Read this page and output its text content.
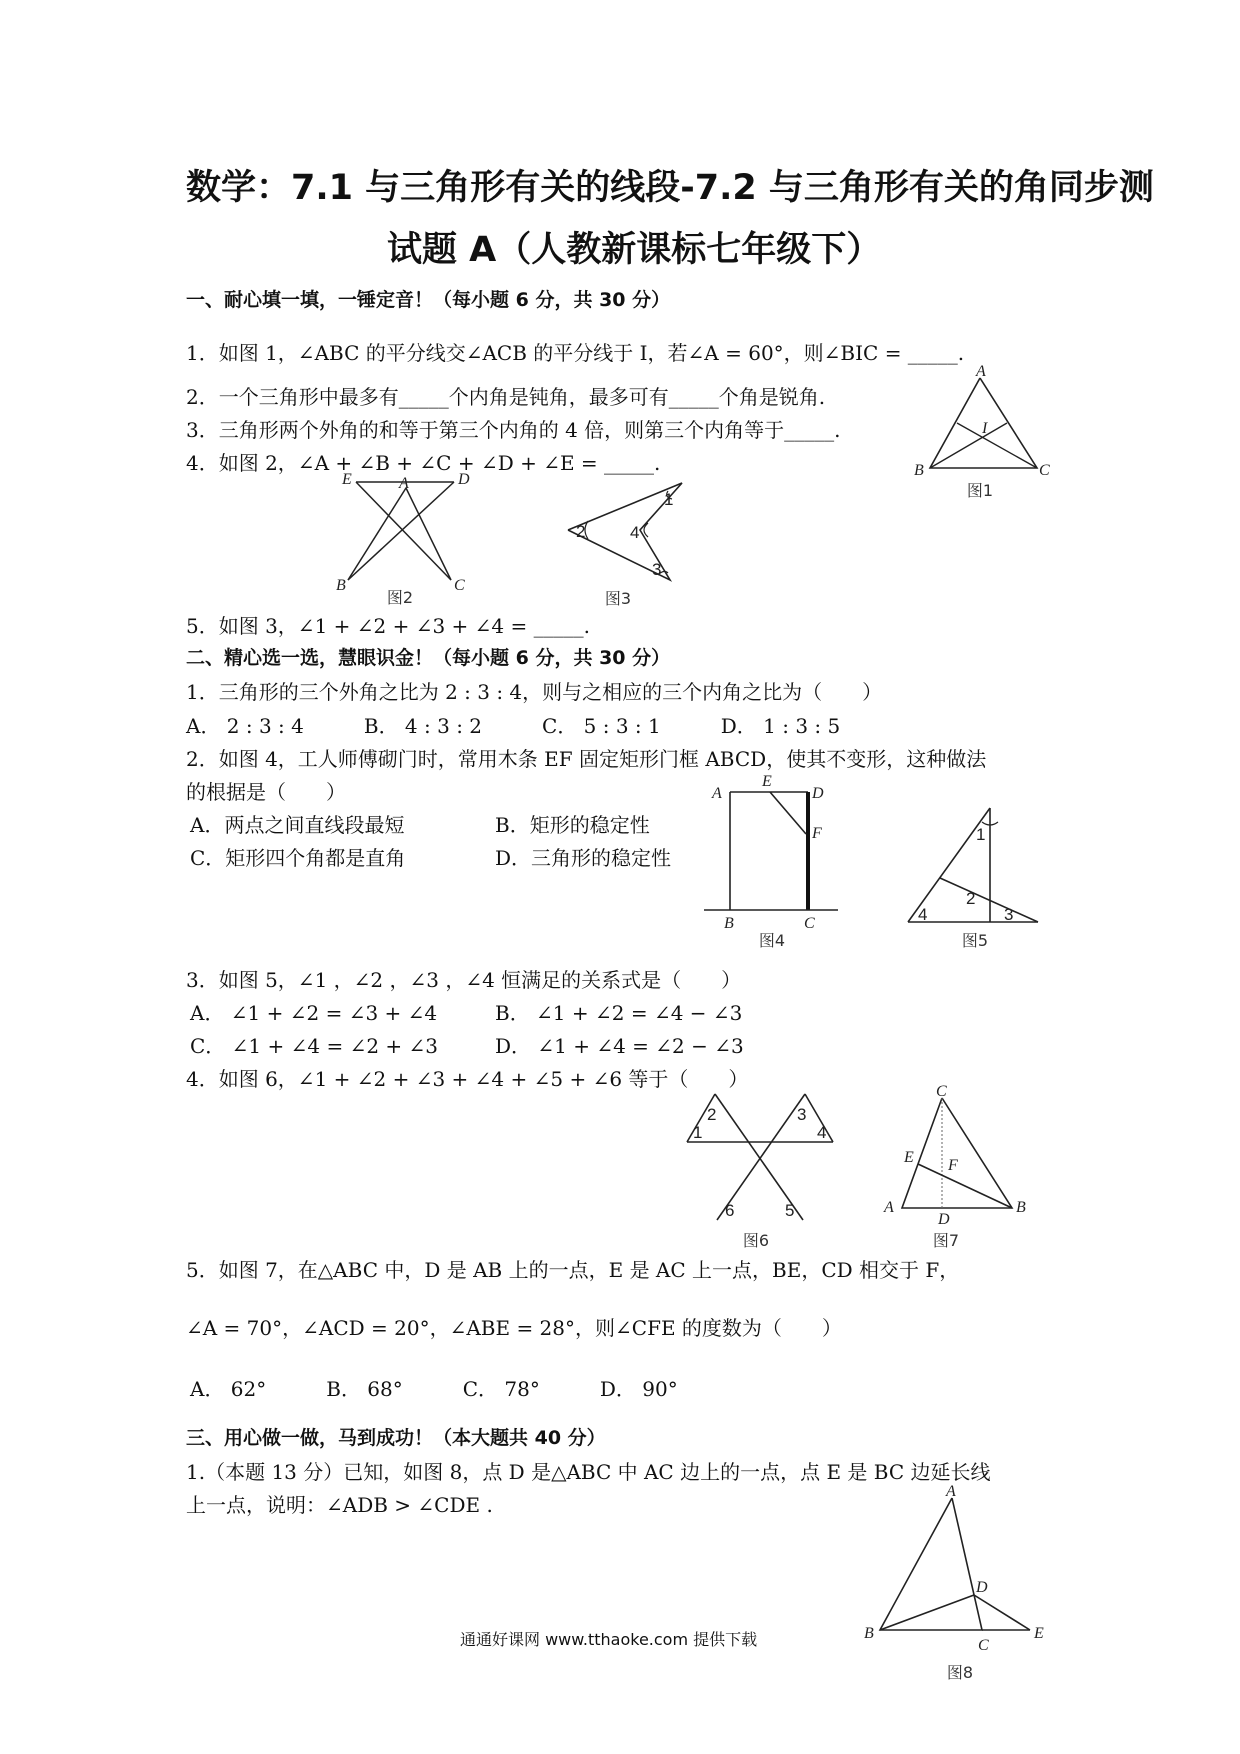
数学：7.1 与三角形有关的线段-7.2 与三角形有关的角同步测
试题 A（人教新课标七年级下）
一、耐心填一填，一锤定音！（每小题 6 分，共 30 分）
1．如图 1，∠ABC 的平分线交∠ACB 的平分线于 I，若∠A = 60°，则∠BIC = _____.
2．一个三角形中最多有_____个内角是钝角，最多可有_____个角是锐角.
3．三角形两个外角的和等于第三个内角的 4 倍，则第三个内角等于_____.
4．如图 2，∠A + ∠B + ∠C + ∠D + ∠E = _____.
5．如图 3，∠1 + ∠2 + ∠3 + ∠4 = _____.
A
B	C
I
图1
E	A	D
B	C
图2
1
2	4
3
图3
二、精心选一选，慧眼识金！（每小题 6 分，共 30 分）
1．三角形的三个外角之比为 2 : 3 : 4，则与之相应的三个内角之比为（　　）
A． 2 : 3 : 4　　　B． 4 : 3 : 2　　　C． 5 : 3 : 1　　　D． 1 : 3 : 5
2．如图 4，工人师傅砌门时，常用木条 EF 固定矩形门框 ABCD，使其不变形，这种做法
的根据是（　　）
A．两点之间直线段最短	B．矩形的稳定性
C．矩形四个角都是直角	D．三角形的稳定性
A
E
D
F
B	C
图4
1
2
4	3
图5
3．如图 5，∠1 ，∠2 ，∠3 ，∠4 恒满足的关系式是（　　）
A． ∠1 + ∠2 = ∠3 + ∠4	B． ∠1 + ∠2 = ∠4 − ∠3
C． ∠1 + ∠4 = ∠2 + ∠3	D． ∠1 + ∠4 = ∠2 − ∠3
4．如图 6，∠1 + ∠2 + ∠3 + ∠4 + ∠5 + ∠6 等于（　　）
2	3
1	4
6	5
图6
C
E F
A
D
B
图7
5．如图 7，在△ABC 中，D 是 AB 上的一点，E 是 AC 上一点，BE，CD 相交于 F，
∠A = 70°，∠ACD = 20°，∠ABE = 28°，则∠CFE 的度数为（　　）
A． 62°　　　B． 68°　　　C． 78°　　　D． 90°
三、用心做一做，马到成功！（本大题共 40 分）
1.（本题 13 分）已知，如图 8，点 D 是△ABC 中 AC 边上的一点，点 E 是 BC 边延长线
上一点，说明：∠ADB > ∠CDE .
A
D
B
C
E
图8
通通好课网 www.tthaoke.com 提供下载
